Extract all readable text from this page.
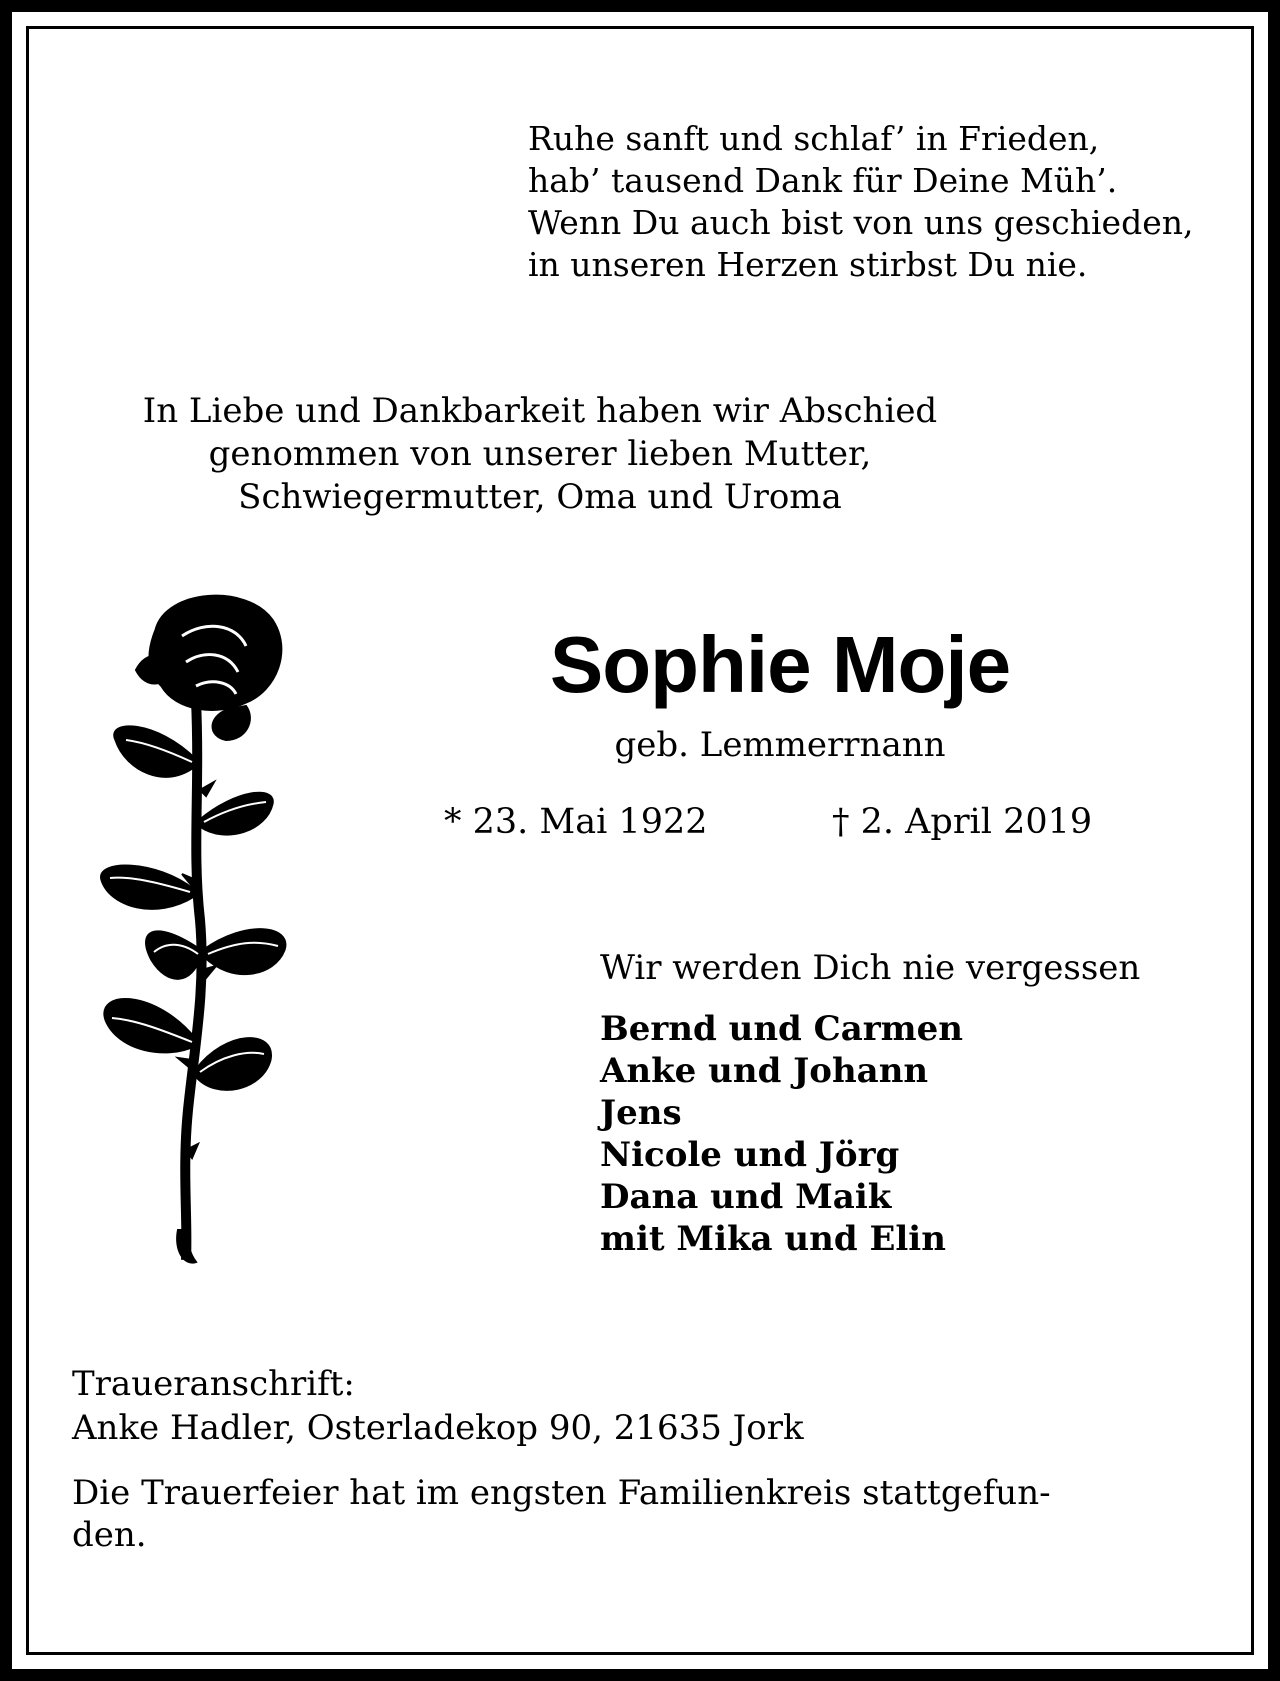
Ruhe sanft und schlaf’ in Frieden,
hab’ tausend Dank für Deine Müh’.
Wenn Du auch bist von uns geschieden,
in unseren Herzen stirbst Du nie.
In Liebe und Dankbarkeit haben wir Abschied
genommen von unserer lieben Mutter,
Schwiegermutter, Oma und Uroma
Sophie Moje
geb. Lemmerrnann
* 23. Mai 1922	† 2. April 2019
Wir werden Dich nie vergessen
Bernd und Carmen
Anke und Johann
Jens
Nicole und Jörg
Dana und Maik
mit Mika und Elin
Traueranschrift:
Anke Hadler, Osterladekop 90, 21635 Jork
Die Trauerfeier hat im engsten Familienkreis stattgefun-
den.
